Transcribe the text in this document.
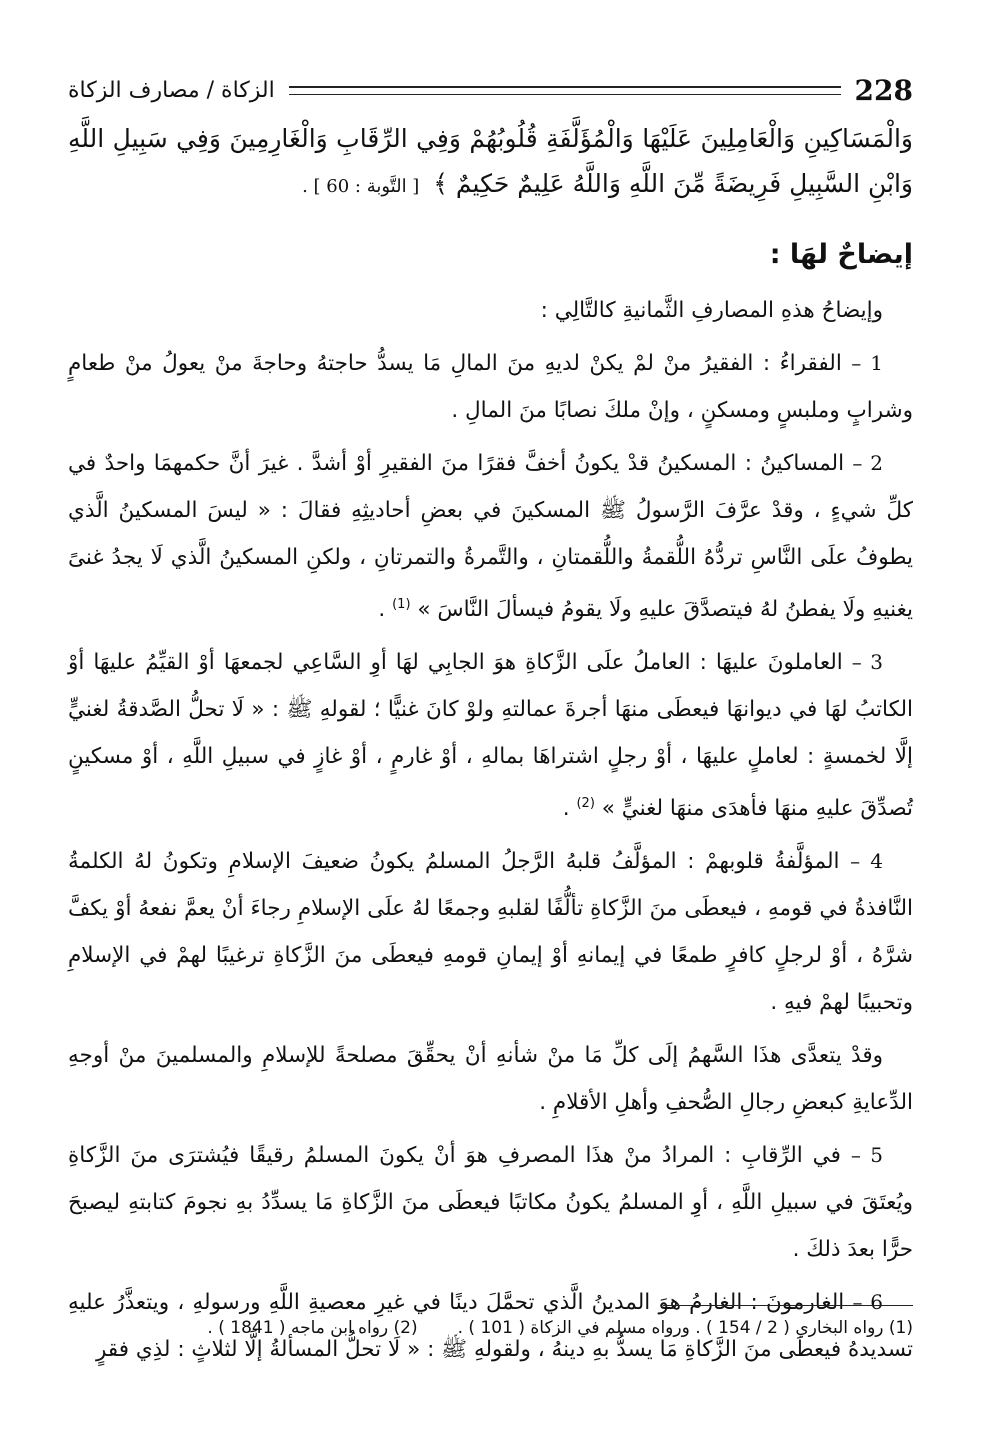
228
الزكاة / مصارف الزكاة

وَالْمَسَاكِينِ وَالْعَامِلِينَ عَلَيْهَا وَالْمُؤَلَّفَةِ قُلُوبُهُمْ وَفِي الرِّقَابِ وَالْغَارِمِينَ وَفِي سَبِيلِ اللَّهِ وَابْنِ السَّبِيلِ فَرِيضَةً مِّنَ اللَّهِ وَاللَّهُ عَلِيمٌ حَكِيمٌ ﴾ [ التَّوبة : 60 ] .

إيضاحٌ لهَا :

وإيضاحُ هذهِ المصارفِ الثَّمانيةِ كالتَّالِي :

1 – الفقراءُ : الفقيرُ منْ لمْ يكنْ لديهِ منَ المالِ مَا يسدُّ حاجتهُ وحاجةَ منْ يعولُ منْ طعامٍ وشرابٍ وملبسٍ ومسكنٍ ، وإنْ ملكَ نصابًا منَ المالِ .

2 – المساكينُ : المسكينُ قدْ يكونُ أخفَّ فقرًا منَ الفقيرِ أوْ أشدَّ . غيرَ أنَّ حكمهمَا واحدٌ في كلِّ شيءٍ ، وقدْ عرَّفَ الرَّسولُ ﷺ المسكينَ في بعضِ أحاديثِهِ فقالَ : « ليسَ المسكينُ الَّذي يطوفُ علَى النَّاسِ تردُّهُ اللُّقمةُ واللُّقمتانِ ، والتَّمرةُ والتمرتانِ ، ولكنِ المسكينُ الَّذي لَا يجدُ غنىً يغنيهِ ولَا يفطنُ لهُ فيتصدَّقَ عليهِ ولَا يقومُ فيسألَ النَّاسَ » $^{(1)}$ .

3 – العاملونَ عليهَا : العاملُ علَى الزَّكاةِ هوَ الجابِي لهَا أوِ السَّاعِي لجمعهَا أوْ القيِّمُ عليهَا أوْ الكاتبُ لهَا في ديوانهَا فيعطَى منهَا أجرةَ عمالتهِ ولوْ كانَ غنيًّا ؛ لقولهِ ﷺ : « لَا تحلُّ الصَّدقةُ لغنيٍّ إلَّا لخمسةٍ : لعاملٍ عليهَا ، أوْ رجلٍ اشتراهَا بمالهِ ، أوْ غارمٍ ، أوْ غازٍ في سبيلِ اللَّهِ ، أوْ مسكينٍ تُصدِّقَ عليهِ منهَا فأهدَى منهَا لغنيٍّ » $^{(2)}$ .

4 – المؤلَّفةُ قلوبهمْ : المؤلَّفُ قلبهُ الرَّجلُ المسلمُ يكونُ ضعيفَ الإسلامِ وتكونُ لهُ الكلمةُ النَّافذةُ في قومهِ ، فيعطَى منَ الزَّكاةِ تألُّفًا لقلبهِ وجمعًا لهُ علَى الإسلامِ رجاءَ أنْ يعمَّ نفعهُ أوْ يكفَّ شرَّهُ ، أوْ لرجلٍ كافرٍ طمعًا في إيمانهِ أوْ إيمانِ قومهِ فيعطَى منَ الزَّكاةِ ترغيبًا لهمْ في الإسلامِ وتحبيبًا لهمْ فيهِ .

وقدْ يتعدَّى هذَا السَّهمُ إلَى كلِّ مَا منْ شأنهِ أنْ يحقِّقَ مصلحةً للإسلامِ والمسلمينَ منْ أوجهِ الدِّعايةِ كبعضِ رجالِ الصُّحفِ وأهلِ الأقلامِ .

5 – في الرِّقابِ : المرادُ منْ هذَا المصرفِ هوَ أنْ يكونَ المسلمُ رقيقًا فيُشترَى منَ الزَّكاةِ ويُعتَقَ في سبيلِ اللَّهِ ، أوِ المسلمُ يكونُ مكاتبًا فيعطَى منَ الزَّكاةِ مَا يسدِّدُ بهِ نجومَ كتابتهِ ليصبحَ حرًّا بعدَ ذلكَ .

6 – الغارمونَ : الغارمُ هوَ المدينُ الَّذي تحمَّلَ دينًا في غيرِ معصيةِ اللَّهِ ورسولهِ ، ويتعذَّرُ عليهِ تسديدهُ فيعطَى منَ الزَّكاةِ مَا يسدُّ بهِ دينهُ ، ولقولهِ ﷺ : « لَا تحلُّ المسألةُ إلَّا لثلاثٍ : لذِي فقرٍ

(1) رواه البخاري ( 2 / 154 ) . ورواه مسلم في الزكاة ( 101 ) .
(2) رواه ابن ماجه ( 1841 ) .
